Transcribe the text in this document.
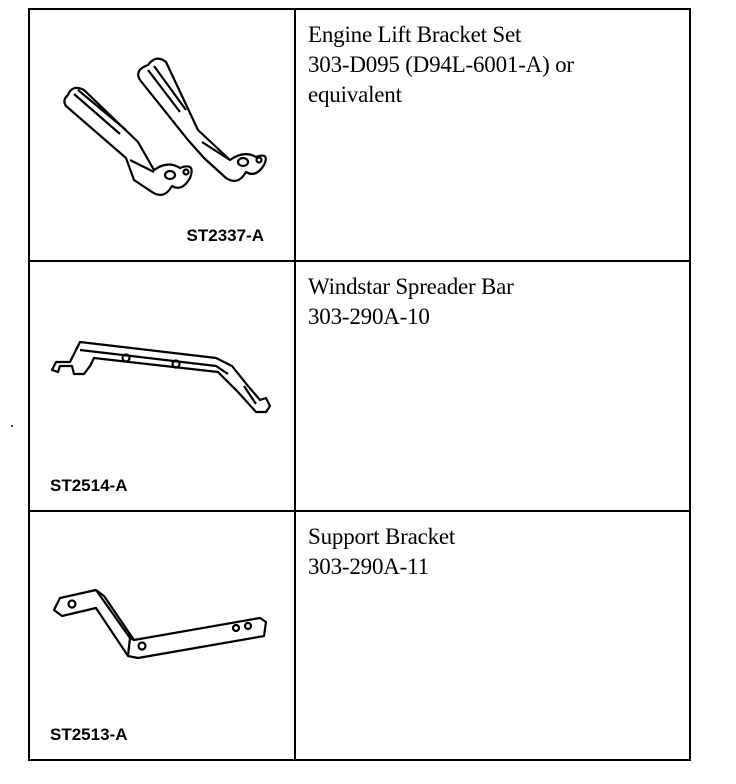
ST2337-A
Engine Lift Bracket Set
303-D095 (D94L-6001-A) or
equivalent
ST2514-A
Windstar Spreader Bar
303-290A-10
ST2513-A
Support Bracket
303-290A-11
